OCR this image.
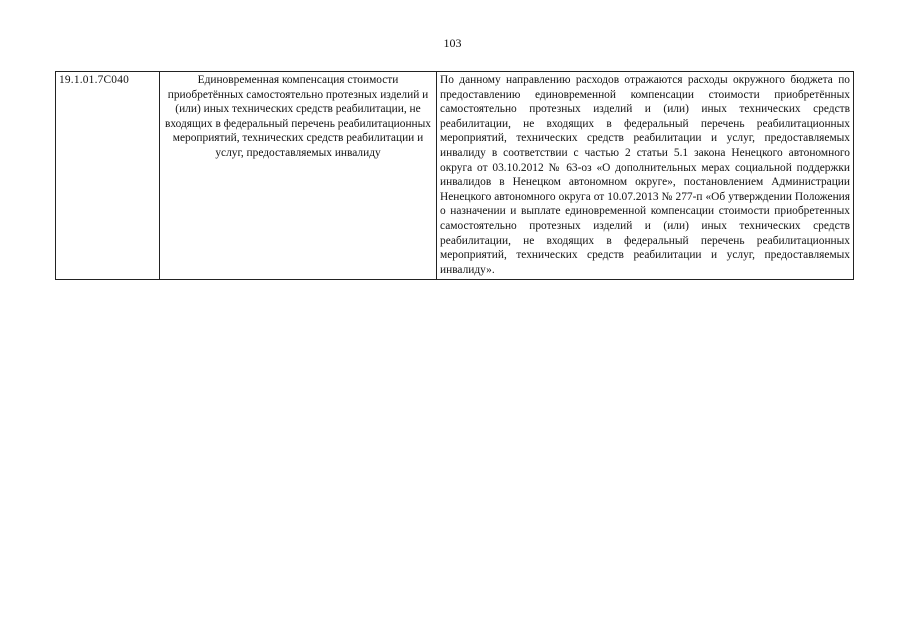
103
19.1.01.7С040	Единовременная компенсация стоимости приобретённых самостоятельно протезных изделий и (или) иных технических средств реабилитации, не входящих в федеральный перечень реабилитационных мероприятий, технических средств реабилитации и услуг, предоставляемых инвалиду	По данному направлению расходов отражаются расходы окружного бюджета по предоставлению единовременной компенсации стоимости приобретённых самостоятельно протезных изделий и (или) иных технических средств реабилитации, не входящих в федеральный перечень реабилитационных мероприятий, технических средств реабилитации и услуг, предоставляемых инвалиду в соответствии с частью 2 статьи 5.1 закона Ненецкого автономного округа от 03.10.2012 № 63-оз «О дополнительных мерах социальной поддержки инвалидов в Ненецком автономном округе», постановлением Администрации Ненецкого автономного округа от 10.07.2013 № 277-п «Об утверждении Положения о назначении и выплате единовременной компенсации стоимости приобретенных самостоятельно протезных изделий и (или) иных технических средств реабилитации, не входящих в федеральный перечень реабилитационных мероприятий, технических средств реабилитации и услуг, предоставляемых инвалиду».
